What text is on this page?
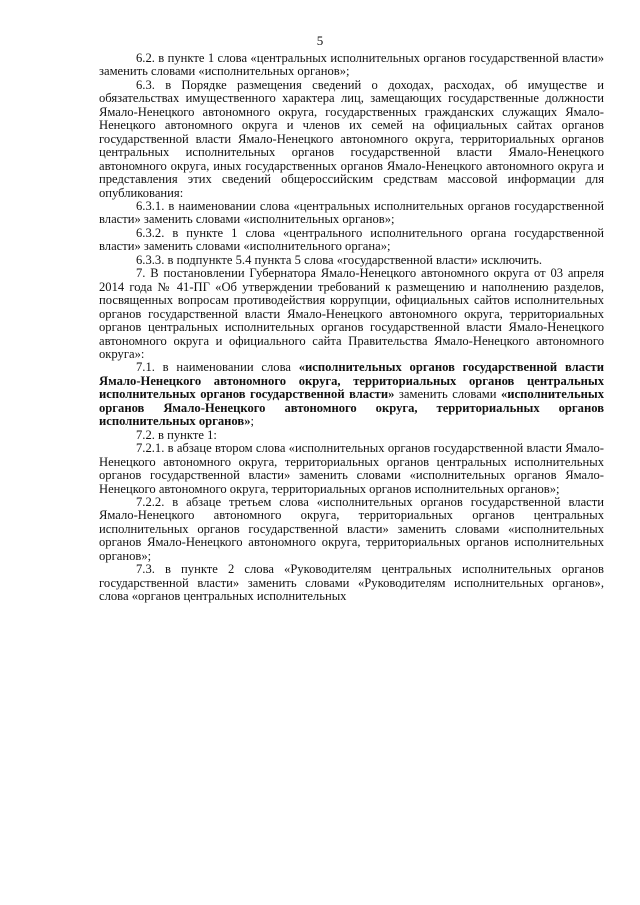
5

6.2. в пункте 1 слова «центральных исполнительных органов государственной власти» заменить словами «исполнительных органов»;

6.3. в Порядке размещения сведений о доходах, расходах, об имуществе и обязательствах имущественного характера лиц, замещающих государственные должности Ямало-Ненецкого автономного округа, государственных гражданских служащих Ямало-Ненецкого автономного округа и членов их семей на официальных сайтах органов государственной власти Ямало-Ненецкого автономного округа, территориальных органов центральных исполнительных органов государственной власти Ямало-Ненецкого автономного округа, иных государственных органов Ямало-Ненецкого автономного округа и представления этих сведений общероссийским средствам массовой информации для опубликования:

6.3.1. в наименовании слова «центральных исполнительных органов государственной власти» заменить словами «исполнительных органов»;

6.3.2. в пункте 1 слова «центрального исполнительного органа государственной власти» заменить словами «исполнительного органа»;

6.3.3. в подпункте 5.4 пункта 5 слова «государственной власти» исключить.

7. В постановлении Губернатора Ямало-Ненецкого автономного округа от 03 апреля 2014 года № 41-ПГ «Об утверждении требований к размещению и наполнению разделов, посвященных вопросам противодействия коррупции, официальных сайтов исполнительных органов государственной власти Ямало-Ненецкого автономного округа, территориальных органов центральных исполнительных органов государственной власти Ямало-Ненецкого автономного округа и официального сайта Правительства Ямало-Ненецкого автономного округа»:

7.1. в наименовании слова «исполнительных органов государственной власти Ямало-Ненецкого автономного округа, территориальных органов центральных исполнительных органов государственной власти» заменить словами «исполнительных органов Ямало-Ненецкого автономного округа, территориальных органов исполнительных органов»;

7.2. в пункте 1:

7.2.1. в абзаце втором слова «исполнительных органов государственной власти Ямало-Ненецкого автономного округа, территориальных органов центральных исполнительных органов государственной власти» заменить словами «исполнительных органов Ямало-Ненецкого автономного округа, территориальных органов исполнительных органов»;

7.2.2. в абзаце третьем слова «исполнительных органов государственной власти Ямало-Ненецкого автономного округа, территориальных органов центральных исполнительных органов государственной власти» заменить словами «исполнительных органов Ямало-Ненецкого автономного округа, территориальных органов исполнительных органов»;

7.3. в пункте 2 слова «Руководителям центральных исполнительных органов государственной власти» заменить словами «Руководителям исполнительных органов», слова «органов центральных исполнительных
